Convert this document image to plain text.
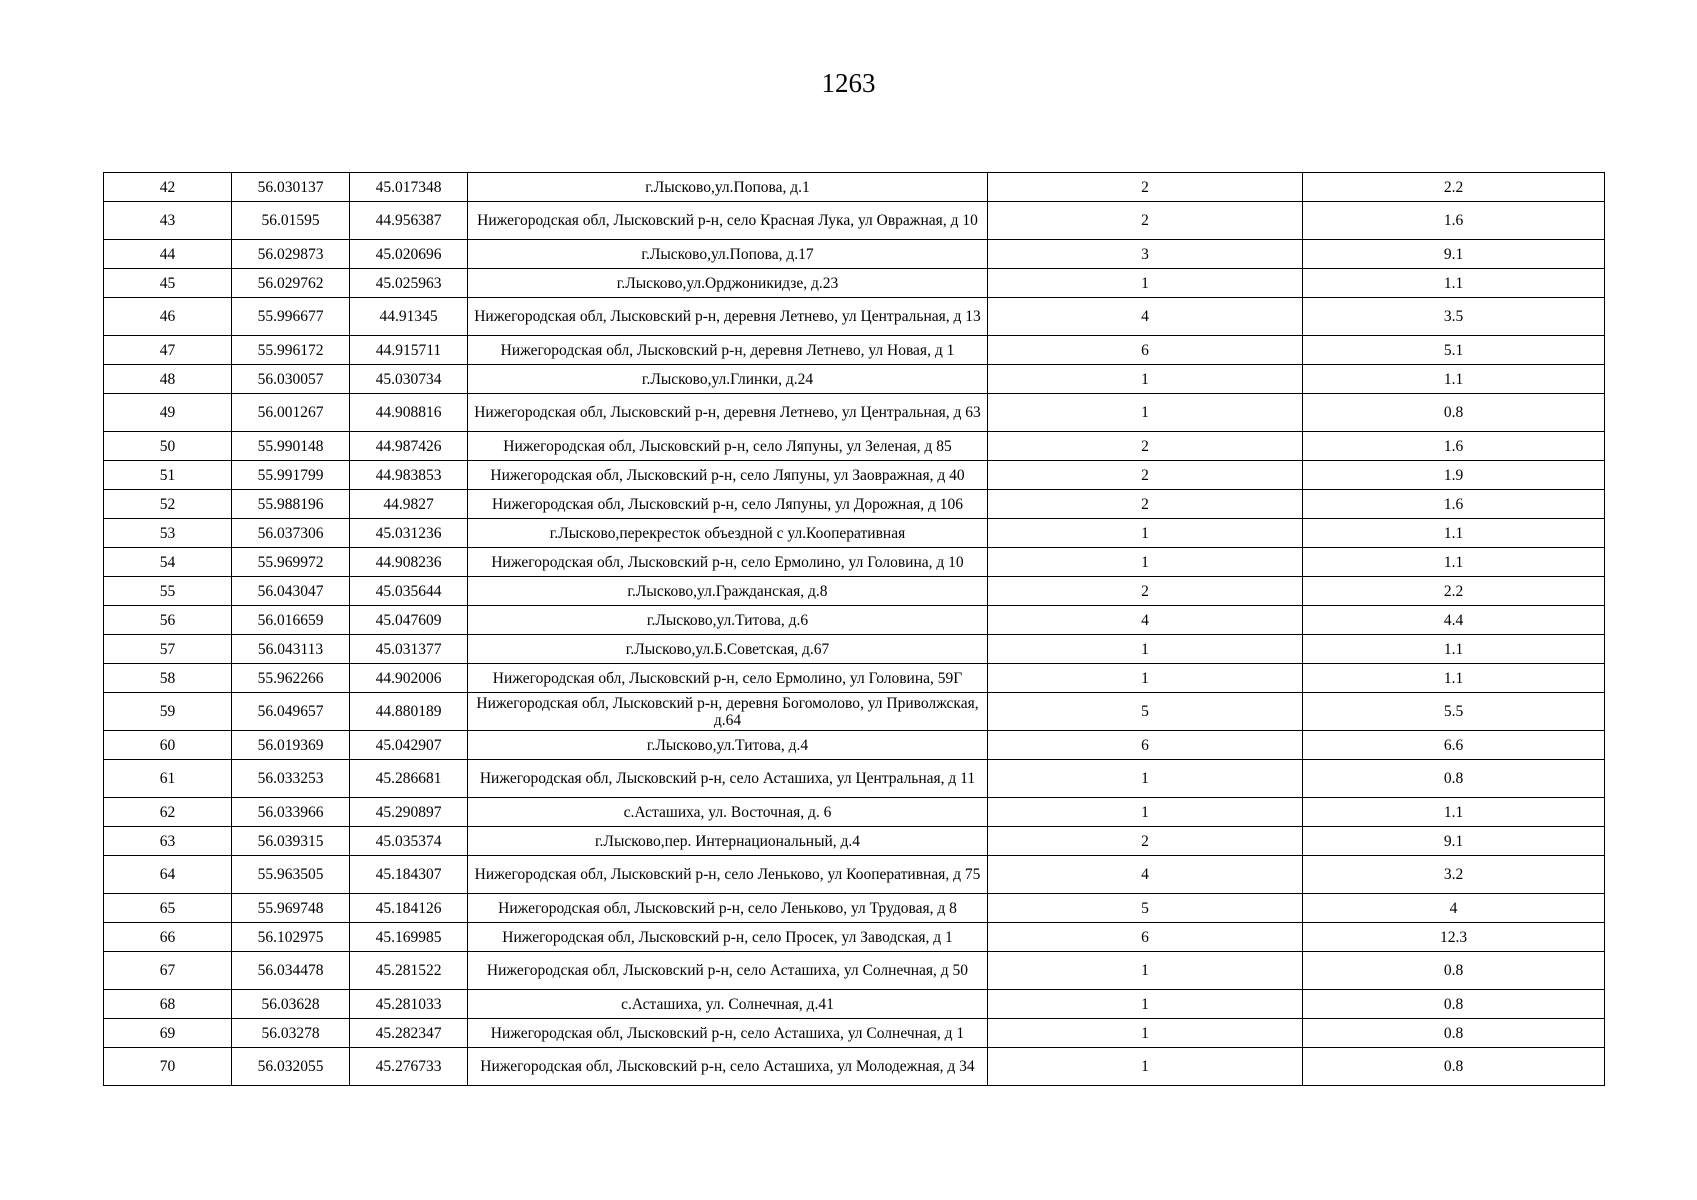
1263
42	56.030137	45.017348	г.Лысково,ул.Попова, д.1	2	2.2
43	56.01595	44.956387	Нижегородская обл, Лысковский р-н, село Красная Лука, ул Овражная, д 10	2	1.6
44	56.029873	45.020696	г.Лысково,ул.Попова, д.17	3	9.1
45	56.029762	45.025963	г.Лысково,ул.Орджоникидзе, д.23	1	1.1
46	55.996677	44.91345	Нижегородская обл, Лысковский р-н, деревня Летнево, ул Центральная, д 13	4	3.5
47	55.996172	44.915711	Нижегородская обл, Лысковский р-н, деревня Летнево, ул Новая, д 1	6	5.1
48	56.030057	45.030734	г.Лысково,ул.Глинки, д.24	1	1.1
49	56.001267	44.908816	Нижегородская обл, Лысковский р-н, деревня Летнево, ул Центральная, д 63	1	0.8
50	55.990148	44.987426	Нижегородская обл, Лысковский р-н, село Ляпуны, ул Зеленая, д 85	2	1.6
51	55.991799	44.983853	Нижегородская обл, Лысковский р-н, село Ляпуны, ул Заовражная, д 40	2	1.9
52	55.988196	44.9827	Нижегородская обл, Лысковский р-н, село Ляпуны, ул Дорожная, д 106	2	1.6
53	56.037306	45.031236	г.Лысково,перекресток объездной с ул.Кооперативная	1	1.1
54	55.969972	44.908236	Нижегородская обл, Лысковский р-н, село Ермолино, ул Головина, д 10	1	1.1
55	56.043047	45.035644	г.Лысково,ул.Гражданская, д.8	2	2.2
56	56.016659	45.047609	г.Лысково,ул.Титова, д.6	4	4.4
57	56.043113	45.031377	г.Лысково,ул.Б.Советская, д.67	1	1.1
58	55.962266	44.902006	Нижегородская обл, Лысковский р-н, село Ермолино, ул Головина, 59Г	1	1.1
59	56.049657	44.880189	Нижегородская обл, Лысковский р-н, деревня Богомолово, ул Приволжская, д.64	5	5.5
60	56.019369	45.042907	г.Лысково,ул.Титова, д.4	6	6.6
61	56.033253	45.286681	Нижегородская обл, Лысковский р-н, село Асташиха, ул Центральная, д 11	1	0.8
62	56.033966	45.290897	с.Асташиха, ул. Восточная, д. 6	1	1.1
63	56.039315	45.035374	г.Лысково,пер. Интернациональный, д.4	2	9.1
64	55.963505	45.184307	Нижегородская обл, Лысковский р-н, село Леньково, ул Кооперативная, д 75	4	3.2
65	55.969748	45.184126	Нижегородская обл, Лысковский р-н, село Леньково, ул Трудовая, д 8	5	4
66	56.102975	45.169985	Нижегородская обл, Лысковский р-н, село Просек, ул Заводская, д 1	6	12.3
67	56.034478	45.281522	Нижегородская обл, Лысковский р-н, село Асташиха, ул Солнечная, д 50	1	0.8
68	56.03628	45.281033	с.Асташиха, ул. Солнечная, д.41	1	0.8
69	56.03278	45.282347	Нижегородская обл, Лысковский р-н, село Асташиха, ул Солнечная, д 1	1	0.8
70	56.032055	45.276733	Нижегородская обл, Лысковский р-н, село Асташиха, ул Молодежная, д 34	1	0.8
